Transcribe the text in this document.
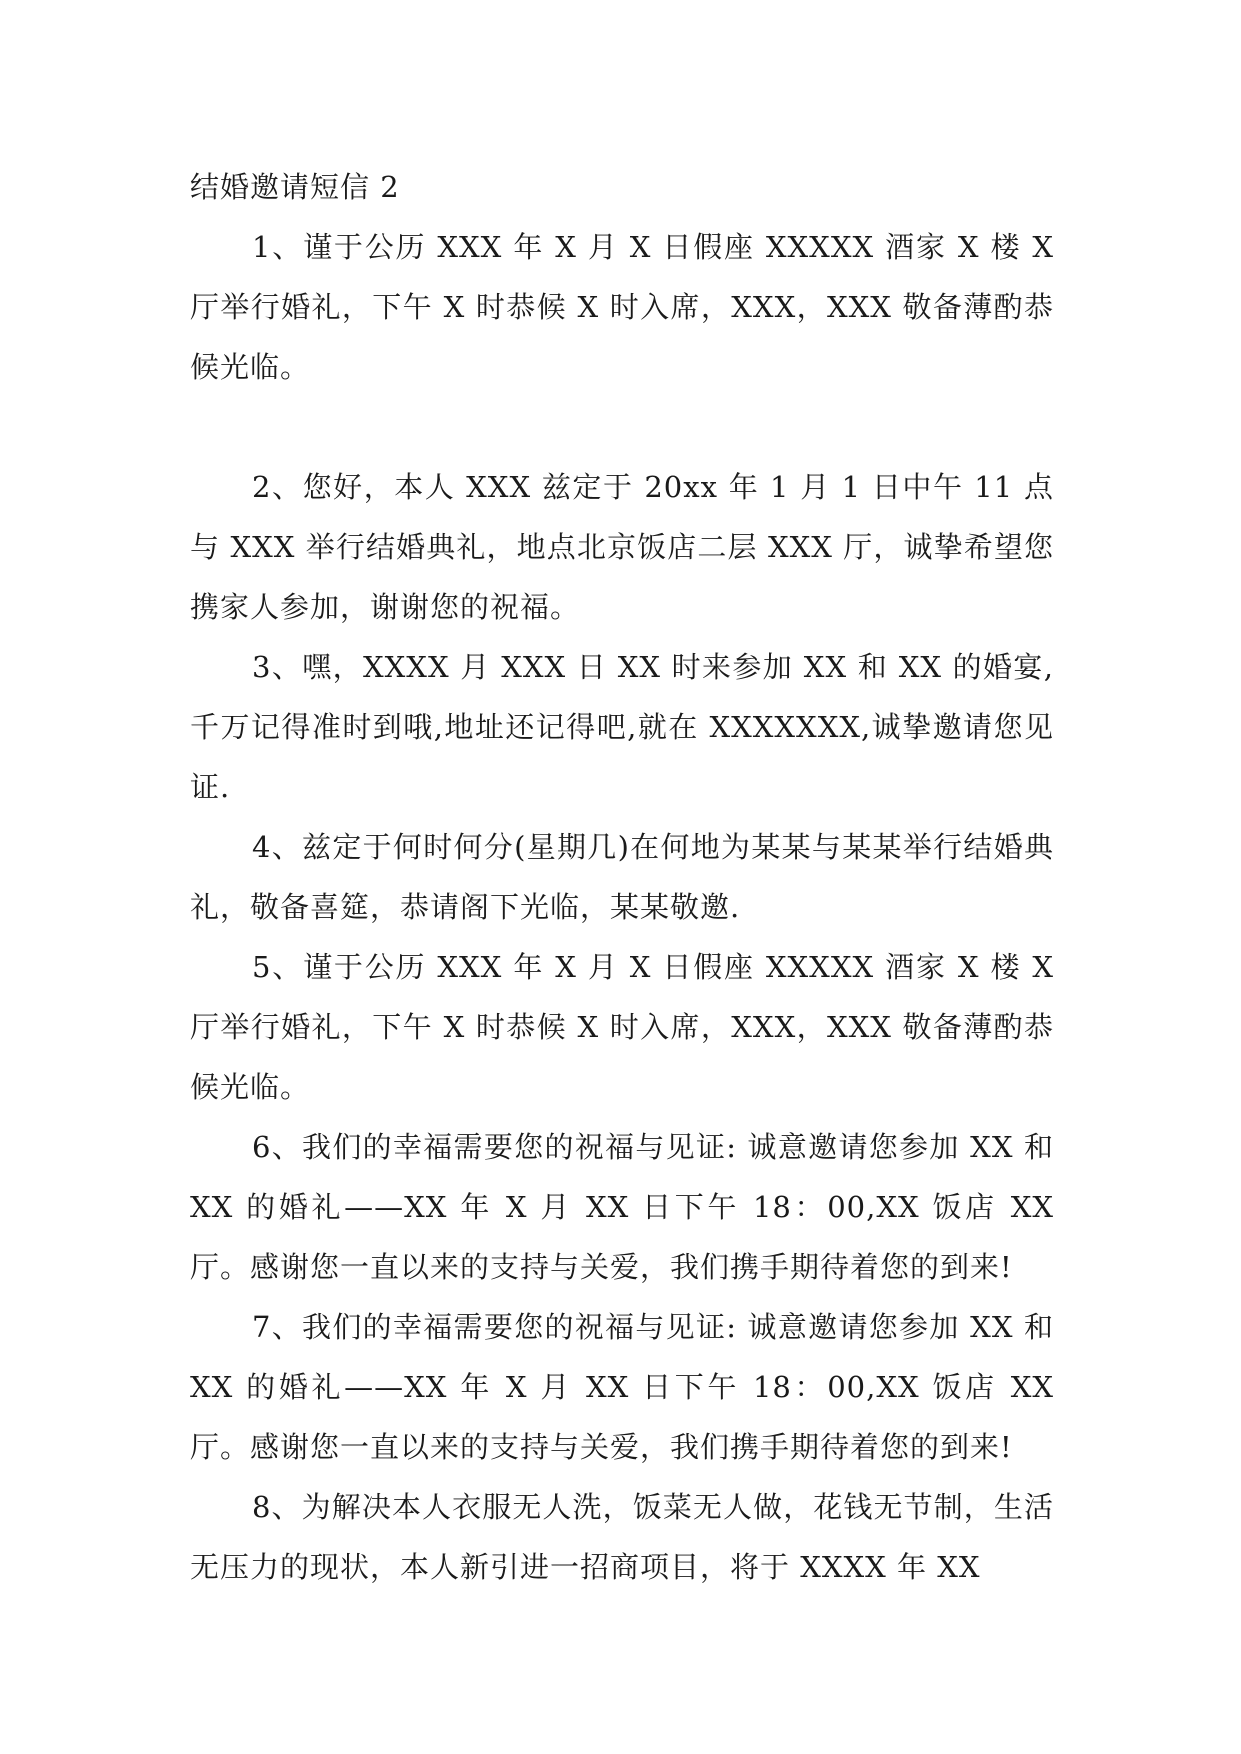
结婚邀请短信 2

1、谨于公历 XXX 年 X 月 X 日假座 XXXXX 酒家 X 楼 X 厅举行婚礼，下午 X 时恭候 X 时入席，XXX，XXX 敬备薄酌恭候光临。

2、您好，本人 XXX 兹定于 20xx 年 1 月 1 日中午 11 点与 XXX 举行结婚典礼，地点北京饭店二层 XXX 厅，诚挚希望您携家人参加，谢谢您的祝福。

3、嘿，XXXX 月 XXX 日 XX 时来参加 XX 和 XX 的婚宴,千万记得准时到哦,地址还记得吧,就在 XXXXXXX,诚挚邀请您见证.

4、兹定于何时何分(星期几)在何地为某某与某某举行结婚典礼，敬备喜筵，恭请阁下光临，某某敬邀.

5、谨于公历 XXX 年 X 月 X 日假座 XXXXX 酒家 X 楼 X 厅举行婚礼，下午 X 时恭候 X 时入席，XXX，XXX 敬备薄酌恭候光临。

6、我们的幸福需要您的祝福与见证: 诚意邀请您参加 XX 和 XX 的婚礼——XX 年 X 月 XX 日下午 18：00,XX 饭店 XX 厅。感谢您一直以来的支持与关爱，我们携手期待着您的到来!

7、我们的幸福需要您的祝福与见证: 诚意邀请您参加 XX 和 XX 的婚礼——XX 年 X 月 XX 日下午 18：00,XX 饭店 XX 厅。感谢您一直以来的支持与关爱，我们携手期待着您的到来!

8、为解决本人衣服无人洗，饭菜无人做，花钱无节制，生活无压力的现状，本人新引进一招商项目，将于 XXXX 年 XX
